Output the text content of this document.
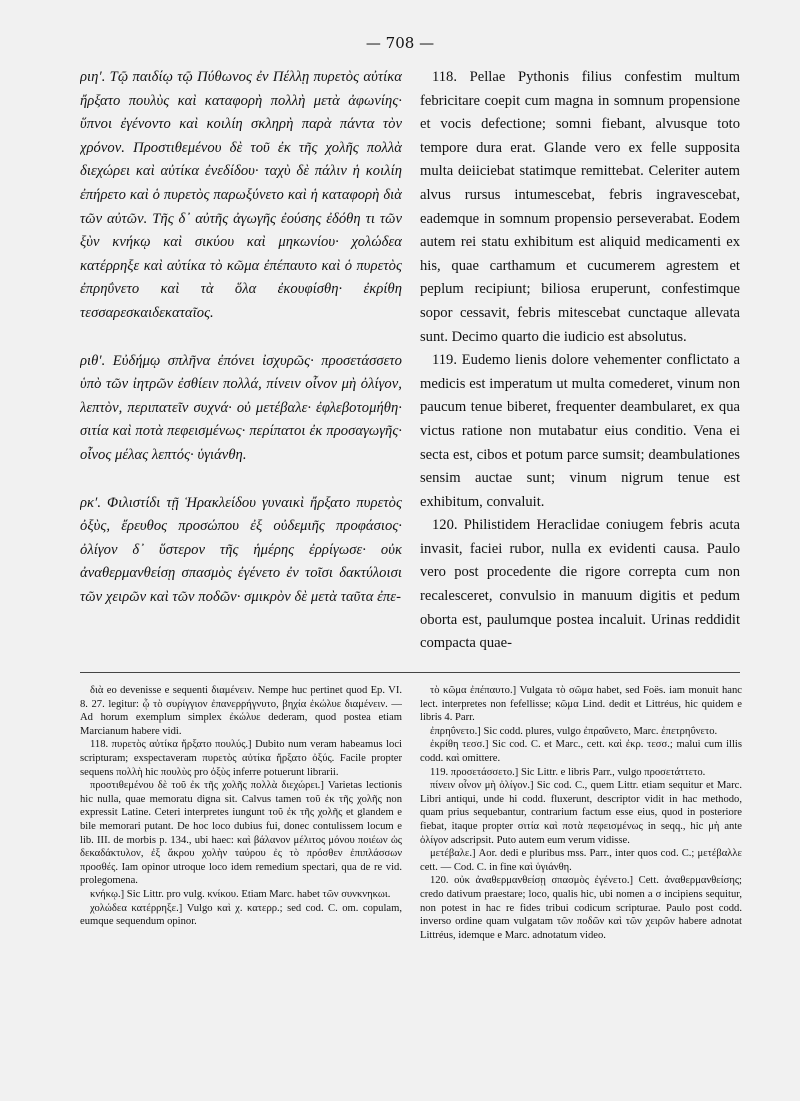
— 708 —

ριη′. Τῷ παιδίῳ τῷ Πύθωνος ἐν Πέλλῃ πυρετὸς αὐτίκα ἤρξατο πουλὺς καὶ καταφορὴ πολλὴ μετὰ ἀφωνίης· ὕπνοι ἐγένοντο καὶ κοιλίη σκληρὴ παρὰ πάντα τὸν χρόνον. Προστιθεμένου δὲ τοῦ ἐκ τῆς χολῆς πολλὰ διεχώρει καὶ αὐτίκα ἐνεδίδου· ταχὺ δὲ πάλιν ἡ κοιλίη ἐπήρετο καὶ ὁ πυρετὸς παρωξύνετο καὶ ἡ καταφορὴ διὰ τῶν αὐτῶν. Τῆς δ᾽ αὐτῆς ἀγωγῆς ἐούσης ἐδόθη τι τῶν ξὺν κνήκῳ καὶ σικύου καὶ μηκωνίου· χολώδεα κατέρρηξε καὶ αὐτίκα τὸ κῶμα ἐπέπαυτο καὶ ὁ πυρετὸς ἐπρηΰνετο καὶ τὰ ὅλα ἐκουφίσθη· ἐκρίθη τεσσαρεσκαιδεκαταῖος.

ριθ′. Εὐδήμῳ σπλῆνα ἐπόνει ἰσχυρῶς· προσετάσσετο ὑπὸ τῶν ἰητρῶν ἐσθίειν πολλά, πίνειν οἶνον μὴ ὀλίγον, λεπτὸν, περιπατεῖν συχνά· οὐ μετέβαλε· ἐφλεβοτομήθη· σιτία καὶ ποτὰ πεφεισμένως· περίπατοι ἐκ προσαγωγῆς· οἶνος μέλας λεπτός· ὑγιάνθη.

ρκ′. Φιλιστίδι τῇ Ἡρακλείδου γυναικὶ ἤρξατο πυρετὸς ὀξὺς, ἔρευθος προσώπου ἐξ οὐδεμιῆς προφάσιος· ὀλίγον δ᾽ ὕστερον τῆς ἡμέρης ἐρρίγωσε· οὐκ ἀναθερμανθείσῃ σπασμὸς ἐγένετο ἐν τοῖσι δακτύλοισι τῶν χειρῶν καὶ τῶν ποδῶν· σμικρὸν δὲ μετὰ ταῦτα ἐπε-

118. Pellae Pythonis filius confestim multum febricitare coepit cum magna in somnum propensione et vocis defectione; somni fiebant, alvusque toto tempore dura erat. Glande vero ex felle supposita multa deiiciebat statimque remittebat. Celeriter autem alvus rursus intumescebat, febris ingravescebat, eademque in somnum propensio perseverabat. Eodem autem rei statu exhibitum est aliquid medicamenti ex his, quae carthamum et cucumerem agrestem et peplum recipiunt; biliosa eruperunt, confestimque sopor cessavit, febris mitescebat cunctaque allevata sunt. Decimo quarto die iudicio est absolutus.

119. Eudemo lienis dolore vehementer conflictato a medicis est imperatum ut multa comederet, vinum non paucum tenue biberet, frequenter deambularet, ex qua victus ratione non mutabatur eius conditio. Vena ei secta est, cibos et potum parce sumsit; deambulationes sensim auctae sunt; vinum nigrum tenue est exhibitum, convaluit.

120. Philistidem Heraclidae coniugem febris acuta invasit, faciei rubor, nulla ex evidenti causa. Paulo vero post procedente die rigore correpta cum non recalesceret, convulsio in manuum digitis et pedum oborta est, paulumque postea incaluit. Urinas reddidit compacta quae-

διὰ eo devenisse e sequenti διαμένειν. Nempe huc pertinet quod Ep. VI. 8. 27. legitur: ᾧ τὸ συρίγγιον ἐπανερρήγνυτο, βηχία ἐκώλυε διαμένειν. — Ad horum exemplum simplex ἐκώλυε dederam, quod postea etiam Marcianum habere vidi.

118. πυρετὸς αὐτίκα ἤρξατο πουλύς.] Dubito num veram habeamus loci scripturam; exspectaveram πυρετὸς αὐτίκα ἤρξατο ὀξύς. Facile propter sequens πολλὴ hic πουλὺς pro ὀξὺς inferre potuerunt librarii.

προστιθεμένου δὲ τοῦ ἐκ τῆς χολῆς πολλὰ διεχώρει.] Varietas lectionis hic nulla, quae memoratu digna sit. Calvus tamen τοῦ ἐκ τῆς χολῆς non expressit Latine. Ceteri interpretes iungunt τοῦ ἐκ τῆς χολῆς et glandem e bile memorari putant. De hoc loco dubius fui, donec contulissem locum e lib. III. de morbis p. 134., ubi haec: καὶ βάλανον μέλιτος μόνου ποιέων ὡς δεκαδάκτυλον, ἐξ ἄκρου χολὴν ταύρου ἐς τὸ πρόσθεν ἐπιπλάσσων προσθές. Iam opinor utroque loco idem remedium spectari, qua de re vid. prolegomena.

κνήκῳ.] Sic Littr. pro vulg. κνίκου. Etiam Marc. habet τῶν συνκνηκωι.

χολώδεα κατέρρηξε.] Vulgo καὶ χ. κατερρ.; sed cod. C. om. copulam, eumque sequendum opinor.

τὸ κῶμα ἐπέπαυτο.] Vulgata τὸ σῶμα habet, sed Foës. iam monuit hanc lect. interpretes non fefellisse; κῶμα Lind. dedit et Littréus, hic quidem e libris 4. Parr.

ἐπρηΰνετο.] Sic codd. plures, vulgo ἐπραΰνετο, Marc. ἐπετρηΰνετο.

ἐκρίθη τεσσ.] Sic cod. C. et Marc., cett. καὶ ἐκρ. τεσσ.; malui cum illis codd. καὶ omittere.

119. προσετάσσετο.] Sic Littr. e libris Parr., vulgo προσετάττετο.

πίνειν οἶνον μὴ ὀλίγον.] Sic cod. C., quem Littr. etiam sequitur et Marc. Libri antiqui, unde hi codd. fluxerunt, descriptor vidit in hac methodo, quam prius sequebantur, contrarium factum esse eius, quod in posteriore fiebat, itaque propter σιτία καὶ ποτὰ πεφεισμένως in seqq., hic μὴ ante ὀλίγον adscripsit. Puto autem eum verum vidisse.

μετέβαλε.] Aor. dedi e pluribus mss. Parr., inter quos cod. C.; μετέβαλλε cett. — Cod. C. in fine καὶ ὑγιάνθη.

120. οὐκ ἀναθερμανθείσῃ σπασμὸς ἐγένετο.] Cett. ἀναθερμανθείσης; credo dativum praestare; loco, qualis hic, ubi nomen a σ incipiens sequitur, non potest in hac re fides tribui codicum scripturae. Paulo post codd. inverso ordine quam vulgatam τῶν ποδῶν καὶ τῶν χειρῶν habere adnotat Littréus, idemque e Marc. adnotatum video.
